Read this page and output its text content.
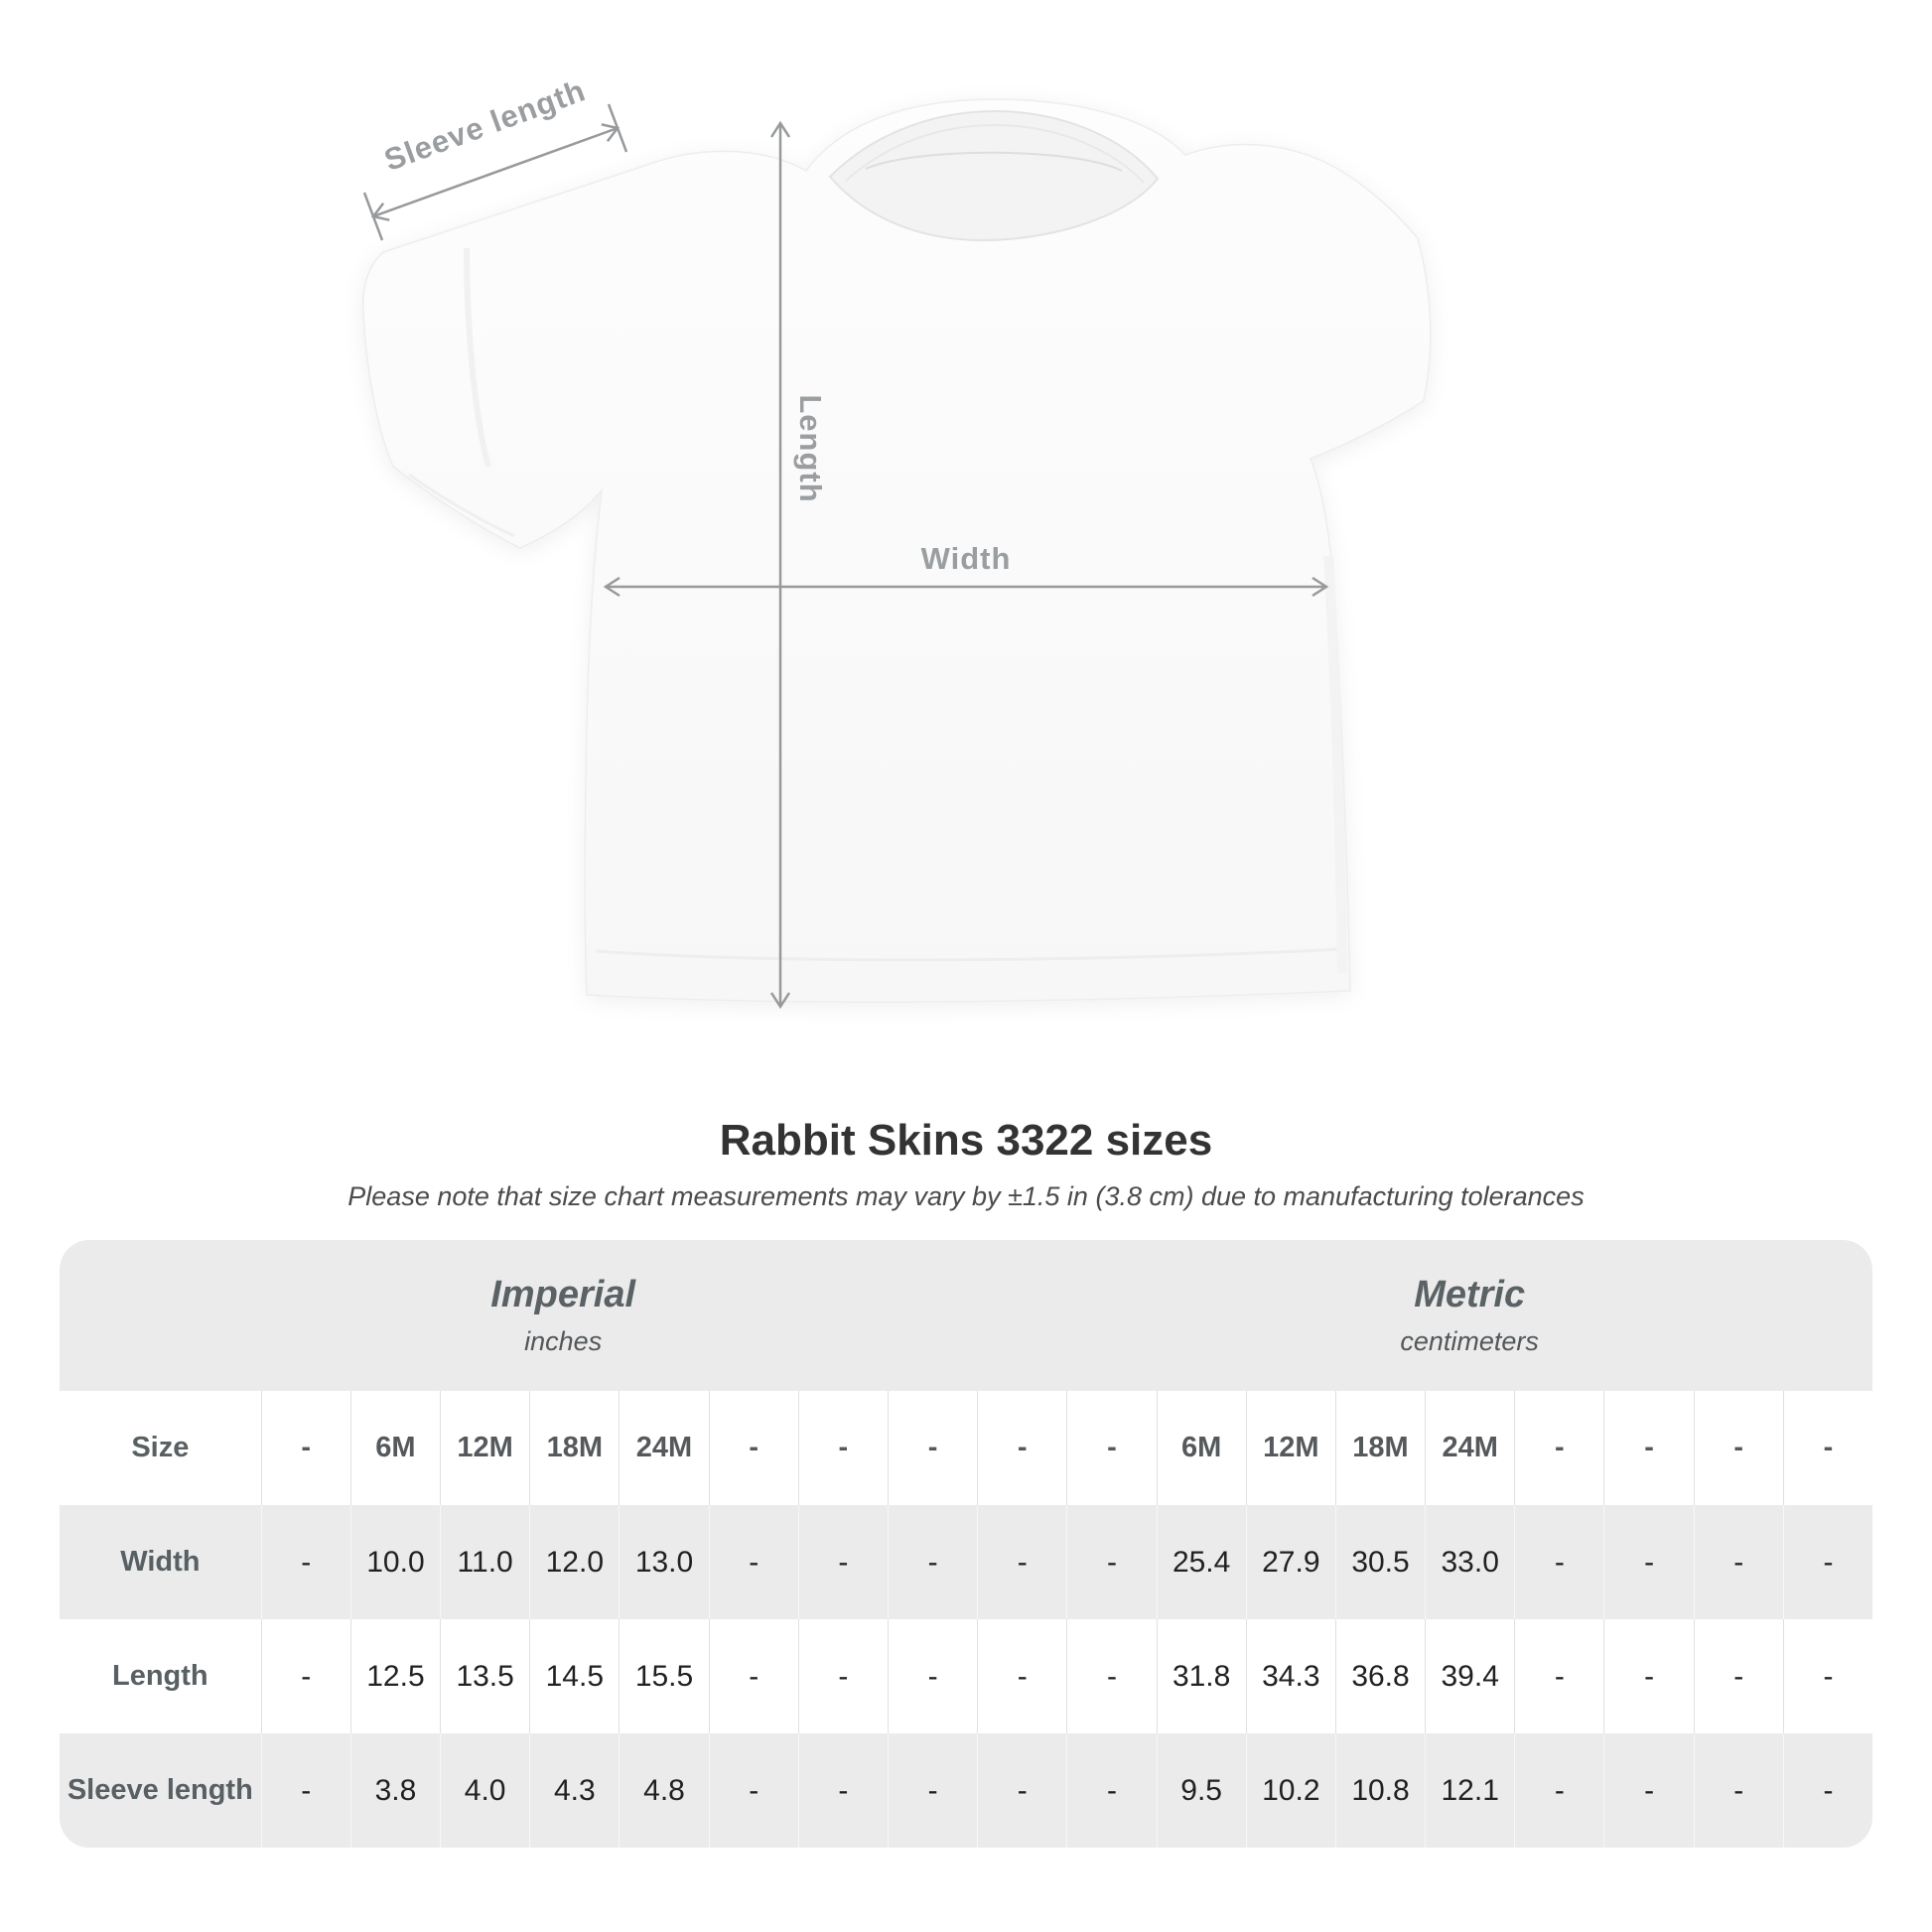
Sleeve length
Length
Width
Rabbit Skins 3322 sizes

Please note that size chart measurements may vary by ±1.5 in (3.8 cm) due to manufacturing tolerances

Imperial
inches
Metric
centimeters
Size	-	6M	12M	18M	24M	-	-	-	-	-	6M	12M	18M	24M	-	-	-	-
Width	-	10.0	11.0	12.0	13.0	-	-	-	-	-	25.4	27.9	30.5	33.0	-	-	-	-
Length	-	12.5	13.5	14.5	15.5	-	-	-	-	-	31.8	34.3	36.8	39.4	-	-	-	-
Sleeve length	-	3.8	4.0	4.3	4.8	-	-	-	-	-	9.5	10.2	10.8	12.1	-	-	-	-
